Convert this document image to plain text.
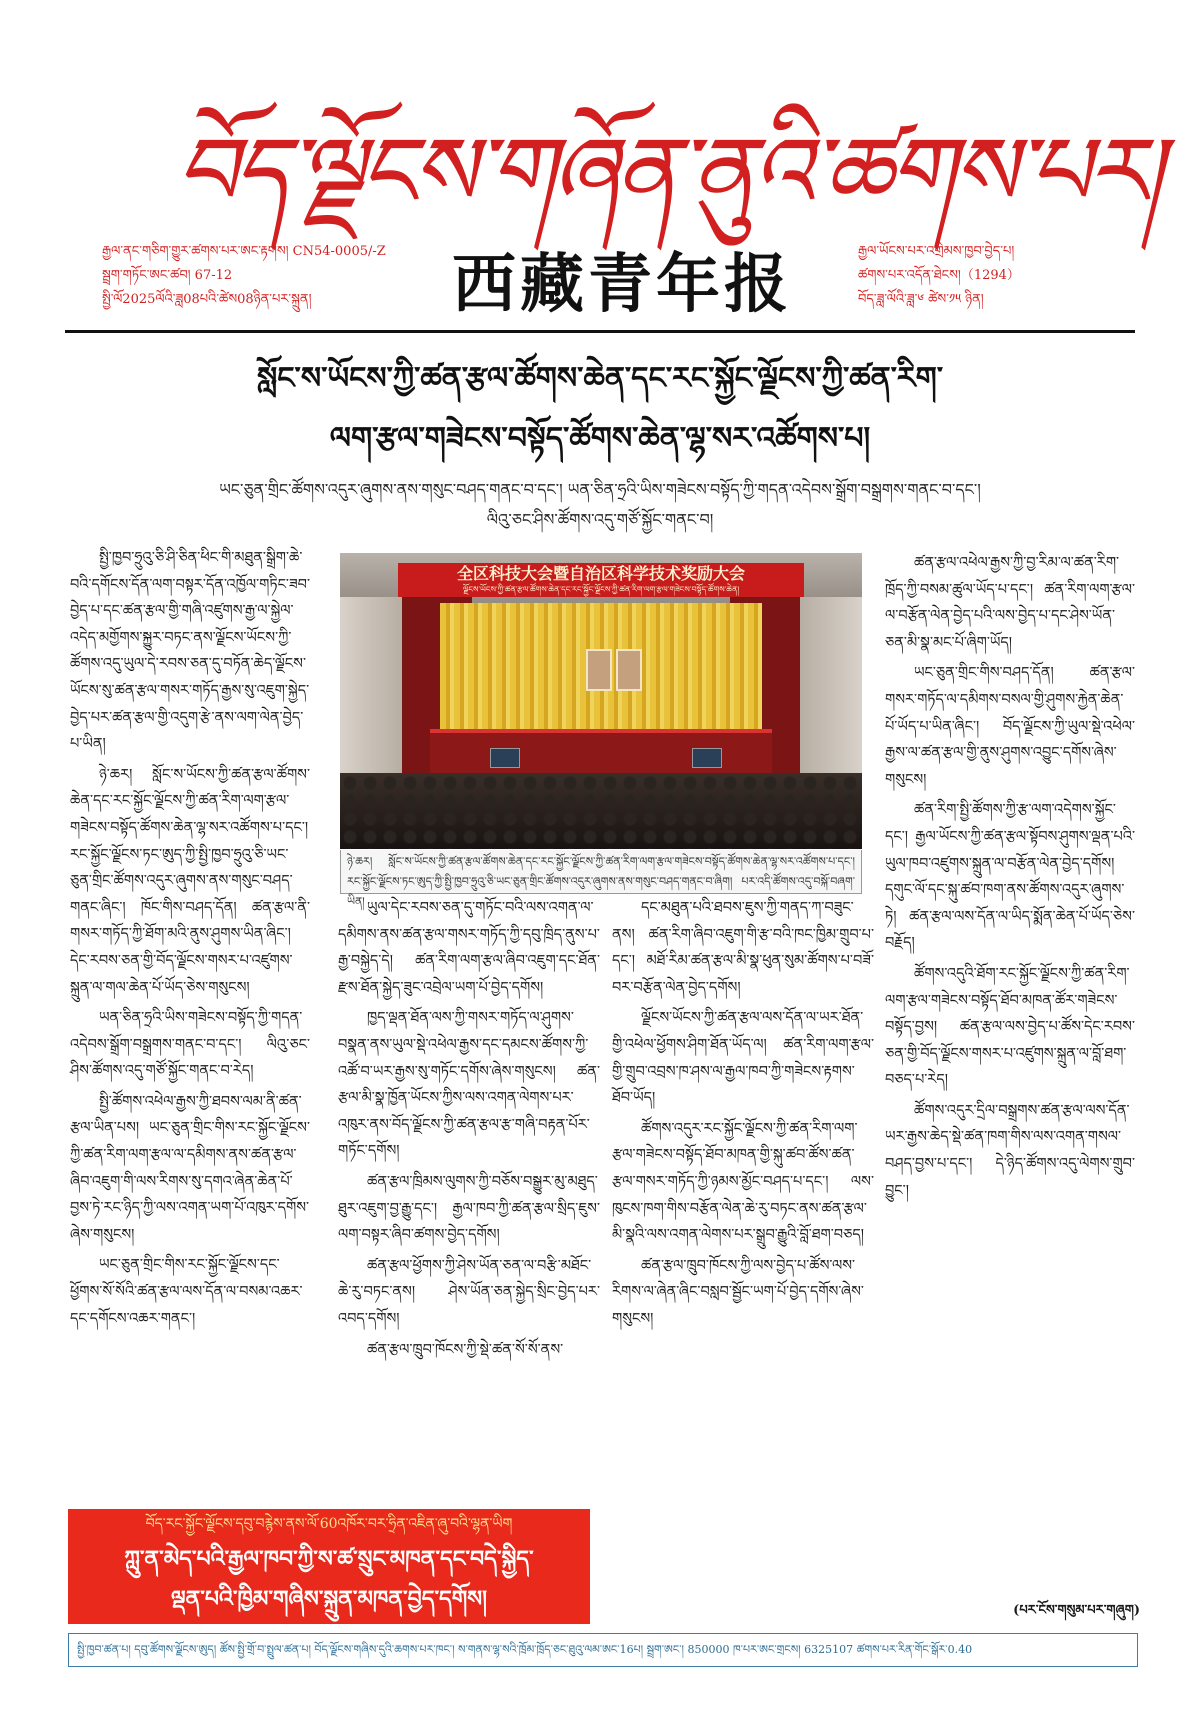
བོད་ལྗོངས་གཞོན་ནུའི་ཚགས་པར།
རྒྱལ་ནང་གཅིག་གྱུར་ཚགས་པར་ཨང་རྟགས། CN54-0005/-Z
སྦྲག་གཏོང་ཨང་ཚབ། 67-12
སྤྱི་ལོ2025ལོའི་ཟླ08པའི་ཚེས08ཉིན་པར་སྐྲུན།	西藏青年报	རྒྱལ་ཡོངས་པར་འགྲེམས་ཁྱབ་བྱེད་པ།
ཚགས་པར་འདོན་ཐེངས།（1294）
བོད་ཟླ་ལོའི་ཟླ་༦ ཚེས་༡༥ ཉིན།
སློང་ས་ཡོངས་ཀྱི་ཚན་རྩལ་ཚོགས་ཆེན་དང་རང་སྐྱོང་ལྗོངས་ཀྱི་ཚན་རིག་
ལག་རྩལ་གཟེངས་བསྟོད་ཚོགས་ཆེན་ལྷ་སར་འཚོགས་པ།
ཡང་ཅུན་གྲིང་ཚོགས་འདུར་ཞུགས་ནས་གསུང་བཤད་གནང་བ་དང་། ཡན་ཅིན་ཧྲའི་ཡིས་གཟེངས་བསྟོད་ཀྱི་གདན་འདེབས་སྒྲོག་བསྒྲགས་གནང་བ་དང་།
ལིའུ་ཅང་ཤིས་ཚོགས་འདུ་གཙོ་སྐྱོང་གནང་བ།

སྤྱི་ཁྱབ་ཧྲུའུ་ཅི་ཤི་ཅིན་ཕིང་གི་མཐུན་སྒྲིག་ཆེ་བའི་དགོངས་དོན་ལག་བསྟར་དོན་འཁྱོལ་གཏིང་ཟབ་བྱེད་པ་དང་ཚན་རྩལ་གྱི་གཞི་འཛུགས་རྒྱ་ལ་སྐྱེལ་འདེད་མགྱོགས་སྐྱུར་བཏང་ནས་ལྗོངས་ཡོངས་ཀྱི་ཚོགས་འདུ་ཡུལ་དེ་རབས་ཅན་དུ་བཏོན་ཆེད་ལྗོངས་ཡོངས་སུ་ཚན་རྩལ་གསར་གཏོད་རྒྱས་སུ་འཇུག་སྐྱེད་བྱེད་པར་ཚན་རྩལ་གྱི་འདུག་རྩེ་ནས་ལག་ལེན་བྱེད་པ་ཡིན།

ཉེ་ཆར། སློང་ས་ཡོངས་ཀྱི་ཚན་རྩལ་ཚོགས་ཆེན་དང་རང་སྐྱོང་ལྗོངས་ཀྱི་ཚན་རིག་ལག་རྩལ་གཟེངས་བསྟོད་ཚོགས་ཆེན་ལྷ་སར་འཚོགས་པ་དང་། རང་སྐྱོང་ལྗོངས་ཏང་ཨུད་ཀྱི་སྤྱི་ཁྱབ་ཧྲུའུ་ཅི་ཡང་ཅུན་གྲིང་ཚོགས་འདུར་ཞུགས་ནས་གསུང་བཤད་གནང་ཞིང་། ཁོང་གིས་བཤད་དོན། ཚན་རྩལ་ནི་གསར་གཏོད་ཀྱི་ཐོག་མའི་ནུས་ཤུགས་ཡིན་ཞིང་། དེང་རབས་ཅན་གྱི་བོད་ལྗོངས་གསར་པ་འཛུགས་སྐྲུན་ལ་གལ་ཆེན་པོ་ཡོད་ཅེས་གསུངས།

ཡན་ཅིན་ཧྲའི་ཡིས་གཟེངས་བསྟོད་ཀྱི་གདན་འདེབས་སྒྲོག་བསྒྲགས་གནང་བ་དང་། ལིའུ་ཅང་ཤིས་ཚོགས་འདུ་གཙོ་སྐྱོང་གནང་བ་རེད།

སྤྱི་ཚོགས་འཕེལ་རྒྱས་ཀྱི་ཐབས་ལམ་ནི་ཚན་རྩལ་ཡིན་པས། ཡང་ཅུན་གྲིང་གིས་རང་སྐྱོང་ལྗོངས་ཀྱི་ཚན་རིག་ལག་རྩལ་ལ་དམིགས་ནས་ཚན་རྩལ་ཞིབ་འཇུག་གི་ལས་རིགས་སུ་དགའ་ཞེན་ཆེན་པོ་བྱས་ཏེ་རང་ཉིད་ཀྱི་ལས་འགན་ཡག་པོ་འཁུར་དགོས་ཞེས་གསུངས།

ཡང་ཅུན་གྲིང་གིས་རང་སྐྱོང་ལྗོངས་དང་ཕྱོགས་སོ་སོའི་ཚན་རྩལ་ལས་དོན་ལ་བསམ་འཆར་དང་དགོངས་འཆར་གནང་།

全区科技大会暨自治区科学技术奖励大会
ལྗོངས་ཡོངས་ཀྱི་ཚན་རྩལ་ཚོགས་ཆེན་དང་རང་སྐྱོང་ལྗོངས་ཀྱི་ཚན་རིག་ལག་རྩལ་གཟེངས་བསྟོད་ཚོགས་ཆེན།
ཉེ་ཆར། སློང་ས་ཡོངས་ཀྱི་ཚན་རྩལ་ཚོགས་ཆེན་དང་རང་སྐྱོང་ལྗོངས་ཀྱི་ཚན་རིག་ལག་རྩལ་གཟེངས་བསྟོད་ཚོགས་ཆེན་ལྷ་སར་འཚོགས་པ་དང་། རང་སྐྱོང་ལྗོངས་ཏང་ཨུད་ཀྱི་སྤྱི་ཁྱབ་ཧྲུའུ་ཅི་ཡང་ཅུན་གྲིང་ཚོགས་འདུར་ཞུགས་ནས་གསུང་བཤད་གནང་བ་ཞིག། པར་འདི་ཚོགས་འདུ་བསྐོ་བཞག་ཡིན། ཡུལ་དེང་རབས་ཅན་དུ་གཏོང་བའི་ལས་འགན་ལ་དམིགས་ནས་ཚན་རྩལ་གསར་གཏོད་ཀྱི་དབུ་ཁྲིད་ནུས་པ་རྒྱ་བསྐྱེད་དེ། ཚན་རིག་ལག་རྩལ་ཞིབ་འཇུག་དང་ཐོན་རྫས་ཐོན་སྐྱེད་ཟུང་འབྲེལ་ཡག་པོ་བྱེད་དགོས།

ཁྱད་ལྡན་ཐོན་ལས་ཀྱི་གསར་གཏོད་ལ་ཤུགས་བསྣན་ནས་ཡུལ་སྡེ་འཕེལ་རྒྱས་དང་དམངས་ཚོགས་ཀྱི་འཚོ་བ་ཡར་རྒྱས་སུ་གཏོང་དགོས་ཞེས་གསུངས། ཚན་རྩལ་མི་སྣ་ཁྱོན་ཡོངས་ཀྱིས་ལས་འགན་ལེགས་པར་འཁུར་ནས་བོད་ལྗོངས་ཀྱི་ཚན་རྩལ་རྩ་གཞི་བརྟན་པོར་གཏོང་དགོས།

ཚན་རྩལ་ཁྲིམས་ལུགས་ཀྱི་བཅོས་བསྒྱུར་མུ་མཐུད་ཐུར་འཇུག་བྱ་རྒྱུ་དང་། རྒྱལ་ཁབ་ཀྱི་ཚན་རྩལ་སྲིད་ཇུས་ལག་བསྟར་ཞིབ་ཚགས་བྱེད་དགོས།

ཚན་རྩལ་ཕྱོགས་ཀྱི་ཤེས་ཡོན་ཅན་ལ་བརྩི་མཐོང་ཆེ་རུ་བཏང་ནས། ཤེས་ཡོན་ཅན་སྐྱེད་སྲིང་བྱེད་པར་འབད་དགོས།

ཚན་རྩལ་ཁྲུབ་ཁོངས་ཀྱི་སྡེ་ཚན་སོ་སོ་ནས་

དང་མཐུན་པའི་ཐབས་ཇུས་ཀྱི་གནད་ཀ་བཟུང་ནས། ཚན་རིག་ཞིབ་འཇུག་གི་རྩ་བའི་ཁང་ཁྱིམ་གྲུབ་པ་དང་། མཐོ་རིམ་ཚན་རྩལ་མི་སྣ་ཕུན་སུམ་ཚོགས་པ་བཟོ་བར་བརྩོན་ལེན་བྱེད་དགོས།

ལྗོངས་ཡོངས་ཀྱི་ཚན་རྩལ་ལས་དོན་ལ་ཡར་ཐོན་གྱི་འཕེལ་ཕྱོགས་ཤིག་ཐོན་ཡོད་ལ། ཚན་རིག་ལག་རྩལ་གྱི་གྲུབ་འབྲས་ཁ་ཤས་ལ་རྒྱལ་ཁབ་ཀྱི་གཟེངས་རྟགས་ཐོབ་ཡོད།

ཚོགས་འདུར་རང་སྐྱོང་ལྗོངས་ཀྱི་ཚན་རིག་ལག་རྩལ་གཟེངས་བསྟོད་ཐོབ་མཁན་གྱི་སྐུ་ཚབ་ཚོས་ཚན་རྩལ་གསར་གཏོད་ཀྱི་ཉམས་མྱོང་བཤད་པ་དང་། ལས་ཁུངས་ཁག་གིས་བརྩོན་ལེན་ཆེ་རུ་བཏང་ནས་ཚན་རྩལ་མི་སྣའི་ལས་འགན་ལེགས་པར་སྒྲུབ་རྒྱུའི་བློ་ཐག་བཅད།

ཚན་རྩལ་ཁྲུབ་ཁོངས་ཀྱི་ལས་བྱེད་པ་ཚོས་ལས་རིགས་ལ་ཞེན་ཞིང་བསླབ་སྦྱོང་ཡག་པོ་བྱེད་དགོས་ཞེས་གསུངས།

ཚན་རྩལ་འཕེལ་རྒྱས་ཀྱི་བྱ་རིམ་ལ་ཚན་རིག་ཁྲོད་ཀྱི་བསམ་ཚུལ་ཡོད་པ་དང་། ཚན་རིག་ལག་རྩལ་ལ་བརྩོན་ལེན་བྱེད་པའི་ལས་བྱེད་པ་དང་ཤེས་ཡོན་ཅན་མི་སྣ་མང་པོ་ཞིག་ཡོད།

ཡང་ཅུན་གྲིང་གིས་བཤད་དོན། ཚན་རྩལ་གསར་གཏོད་ལ་དམིགས་བསལ་གྱི་ཤུགས་རྐྱེན་ཆེན་པོ་ཡོད་པ་ཡིན་ཞིང་། བོད་ལྗོངས་ཀྱི་ཡུལ་སྡེ་འཕེལ་རྒྱས་ལ་ཚན་རྩལ་གྱི་ནུས་ཤུགས་འབྱུང་དགོས་ཞེས་གསུངས།

ཚན་རིག་སྤྱི་ཚོགས་ཀྱི་རྩ་ལག་འདེགས་སྐྱོང་དང་། རྒྱལ་ཡོངས་ཀྱི་ཚན་རྩལ་སྟོབས་ཤུགས་ལྡན་པའི་ཡུལ་ཁབ་འཛུགས་སྐྲུན་ལ་བརྩོན་ལེན་བྱེད་དགོས། དགུང་ལོ་དང་སྐུ་ཚབ་ཁག་ནས་ཚོགས་འདུར་ཞུགས་ཏེ། ཚན་རྩལ་ལས་དོན་ལ་ཡིད་སྨོན་ཆེན་པོ་ཡོད་ཅེས་བརྗོད།

ཚོགས་འདུའི་ཐོག་རང་སྐྱོང་ལྗོངས་ཀྱི་ཚན་རིག་ལག་རྩལ་གཟེངས་བསྟོད་ཐོབ་མཁན་ཚོར་གཟེངས་བསྟོད་བྱས། ཚན་རྩལ་ལས་བྱེད་པ་ཚོས་དེང་རབས་ཅན་གྱི་བོད་ལྗོངས་གསར་པ་འཛུགས་སྐྲུན་ལ་བློ་ཐག་བཅད་པ་རེད།

ཚོགས་འདུར་དྲིལ་བསྒྲགས་ཚན་རྩལ་ལས་དོན་ཡར་རྒྱས་ཆེད་སྡེ་ཚན་ཁག་གིས་ལས་འགན་གསལ་བཤད་བྱས་པ་དང་། དེ་ཉིད་ཚོགས་འདུ་ལེགས་གྲུབ་བྱུང་།

(པར་ངོས་གསུམ་པར་གཞུག)
བོད་རང་སྐྱོང་ལྗོངས་དབུ་བརྙེས་ནས་ལོ་60འཁོར་བར་ཧྲིན་འཇིན་ཞུ་བའི་ལྷན་ཡིག
ཀླུ་ན་མེད་པའི་རྒྱལ་ཁབ་ཀྱི་ས་ཚ་སྲུང་མཁན་དང་བདེ་སྐྱིད་
ལྡན་པའི་ཁྱིམ་གཞིས་སྐྲུན་མཁན་བྱེད་དགོས།
སྤྱི་ཁྱབ་ཚན་པ། དབུ་ཚོགས་ལྗོངས་ཨུད། ཚོས་སྤྱི་གྲོ་བ་སྤྲུལ་ཚན་པ། བོད་ལྗོངས་གཞིས་དུའི་ཆགས་པར་ཁང་། ས་གནས་ལྷ་སའི་ཁྲོམ་ཁྲོད་ཅང་ཐུའུ་ལམ་ཨང་16པ། སྦྲག་ཨང་། 850000 ཁ་པར་ཨང་གྲངས། 6325107 ཚགས་པར་རིན་གོང་སྒོར་0.40
